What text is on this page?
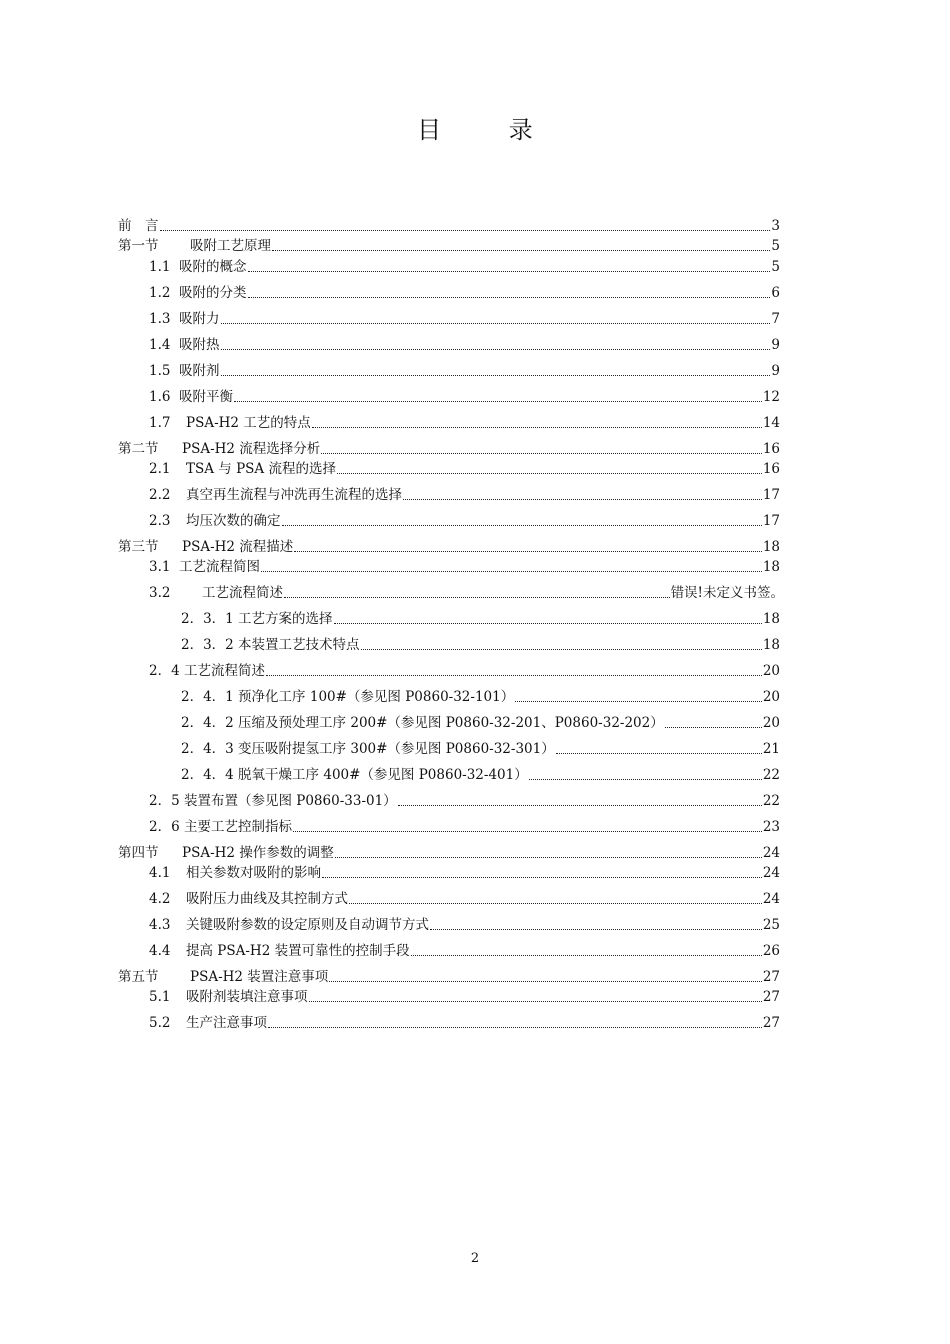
目 录
前　言	3
第一节	吸附工艺原理	5
1.1 吸附的概念	5
1.2 吸附的分类	6
1.3 吸附力	7
1.4 吸附热	9
1.5 吸附剂	9
1.6 吸附平衡	12
1.7	PSA-H2 工艺的特点	14
第二节	PSA-H2 流程选择分析	16
2.1	TSA 与 PSA 流程的选择	16
2.2	真空再生流程与冲洗再生流程的选择	17
2.3	均压次数的确定	17
第三节	PSA-H2 流程描述	18
3.1 工艺流程简图	18
3.2	工艺流程简述	错误!未定义书签。
2．3．1 工艺方案的选择	18
2．3．2 本装置工艺技术特点	18
2．4 工艺流程简述	20
2．4．1 预净化工序 100#（参见图 P0860-32-101）	20
2．4．2 压缩及预处理工序 200#（参见图 P0860-32-201、P0860-32-202）	20
2．4．3 变压吸附提氢工序 300#（参见图 P0860-32-301）	21
2．4．4 脱氧干燥工序 400#（参见图 P0860-32-401）	22
2．5 装置布置（参见图 P0860-33-01）	22
2．6 主要工艺控制指标	23
第四节	PSA-H2 操作参数的调整	24
4.1	相关参数对吸附的影响	24
4.2	吸附压力曲线及其控制方式	24
4.3	关键吸附参数的设定原则及自动调节方式	25
4.4	提高 PSA-H2 装置可靠性的控制手段	26
第五节	PSA-H2 装置注意事项	27
5.1	吸附剂装填注意事项	27
5.2	生产注意事项	27
2
